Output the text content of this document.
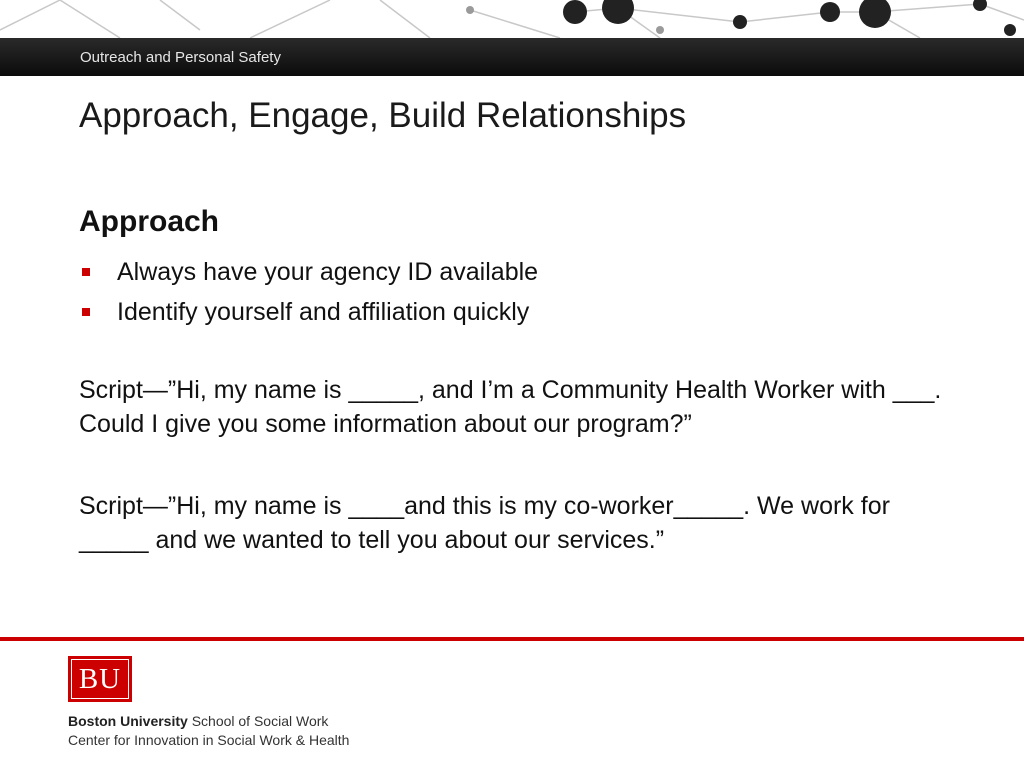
Outreach and Personal Safety
Approach, Engage, Build Relationships
Approach
Always have your agency ID available
Identify yourself and affiliation quickly

Script—”Hi, my name is _____, and I’m a Community Health Worker with ___. Could I give you some information about our program?”

Script—”Hi, my name is ____and this is my co-worker_____. We work for _____ and we wanted to tell you about our services.”

BU
Boston University School of Social Work
Center for Innovation in Social Work & Health
